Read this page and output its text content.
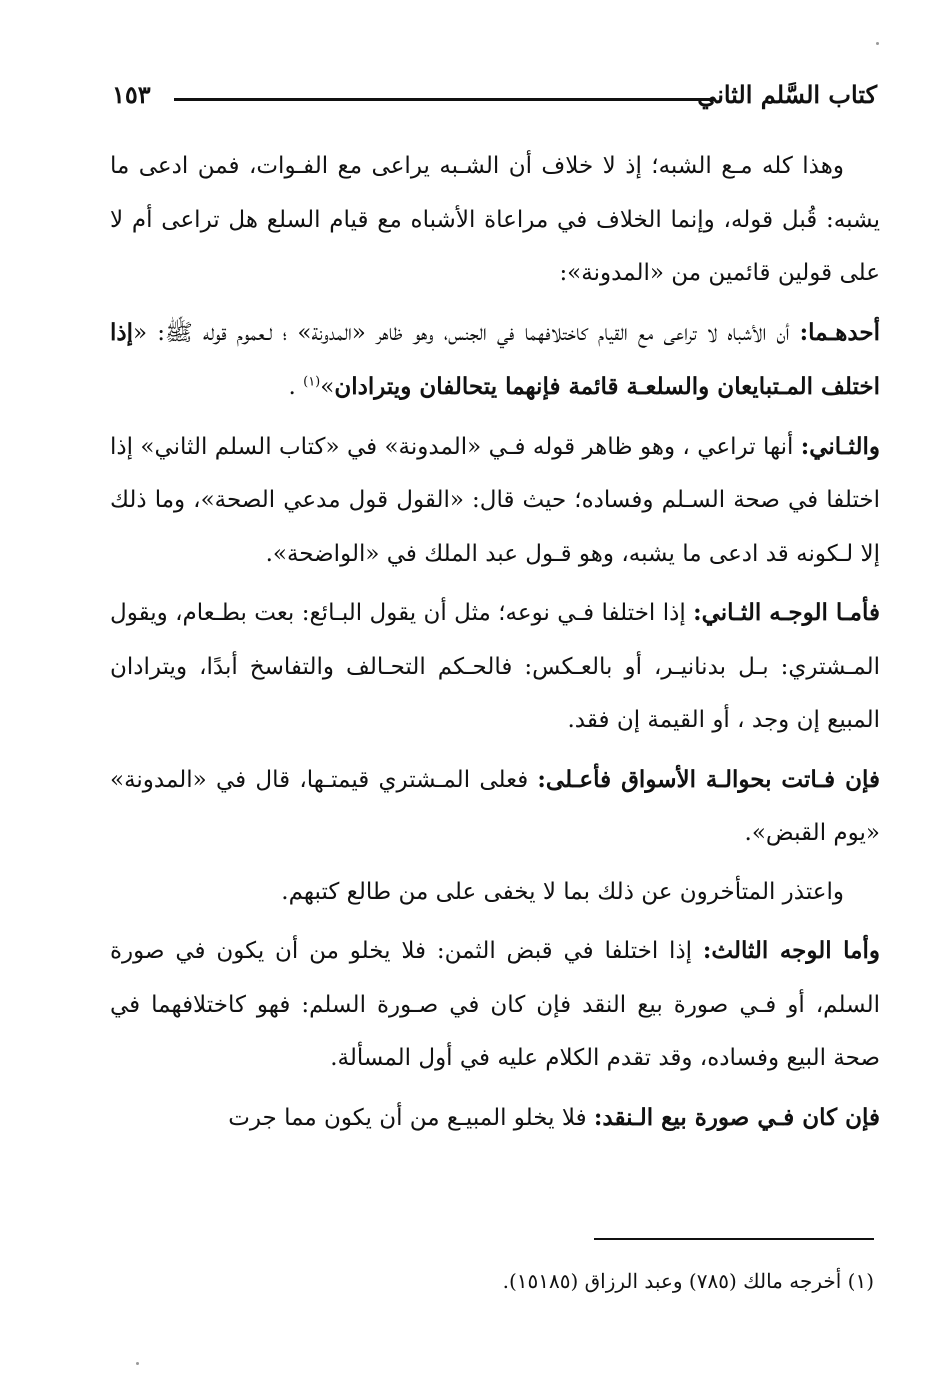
كتاب السَّلم الثاني
١٥٣

وهذا كله مـع الشبه؛ إذ لا خلاف أن الشـبه يراعى مع الفـوات، فمن ادعى ما يشبه: قُبل قوله، وإنما الخلاف في مراعاة الأشباه مع قيام السلع هل تراعى أم لا على قولين قائمين من «المدونة»:

أحدهـما: أن الأشباه لا تراعى مع القيام كاختلافهما في الجنس، وهو ظاهر «المدونة» ؛ لـعموم قوله ﷺ: «إذا اختلف المـتبايعان والسلعـة قائمة فإنهما يتحالفان ويترادان»$^{(١)}$ .

والثـاني: أنها تراعي ، وهو ظاهر قوله فـي «المدونة» في «كتاب السلم الثاني» إذا اختلفا في صحة السـلم وفساده؛ حيث قال: «القول قول مدعي الصحة»، وما ذلك إلا لـكونه قد ادعى ما يشبه، وهو قـول عبد الملك في «الواضحة».

فأمـا الوجـه الثـاني: إذا اختلفا فـي نوعه؛ مثل أن يقول البـائع: بعت بطـعام، ويقول المـشتري: بـل بدنانيـر، أو بالعـكس: فالحـكم التحـالف والتفاسخ أبدًا، ويترادان المبيع إن وجد ، أو القيمة إن فقد.

فإن فـاتت بحوالـة الأسواق فأعـلى: فعلى المـشتري قيمتـها، قال في «المدونة» «يوم القبض».

واعتذر المتأخرون عن ذلك بما لا يخفى على من طالع كتبهم.

وأما الوجه الثالث: إذا اختلفا في قبض الثمن: فلا يخلو من أن يكون في صورة السلم، أو فـي صورة بيع النقد فإن كان في صـورة السلم: فهو كاختلافهما في صحة البيع وفساده، وقد تقدم الكلام عليه في أول المسألة.

فإن كان فـي صورة بيع الـنقد: فلا يخلو المبيـع من أن يكون مما جرت

(١) أخرجه مالك (٧٨٥) وعبد الرزاق (١٥١٨٥).
